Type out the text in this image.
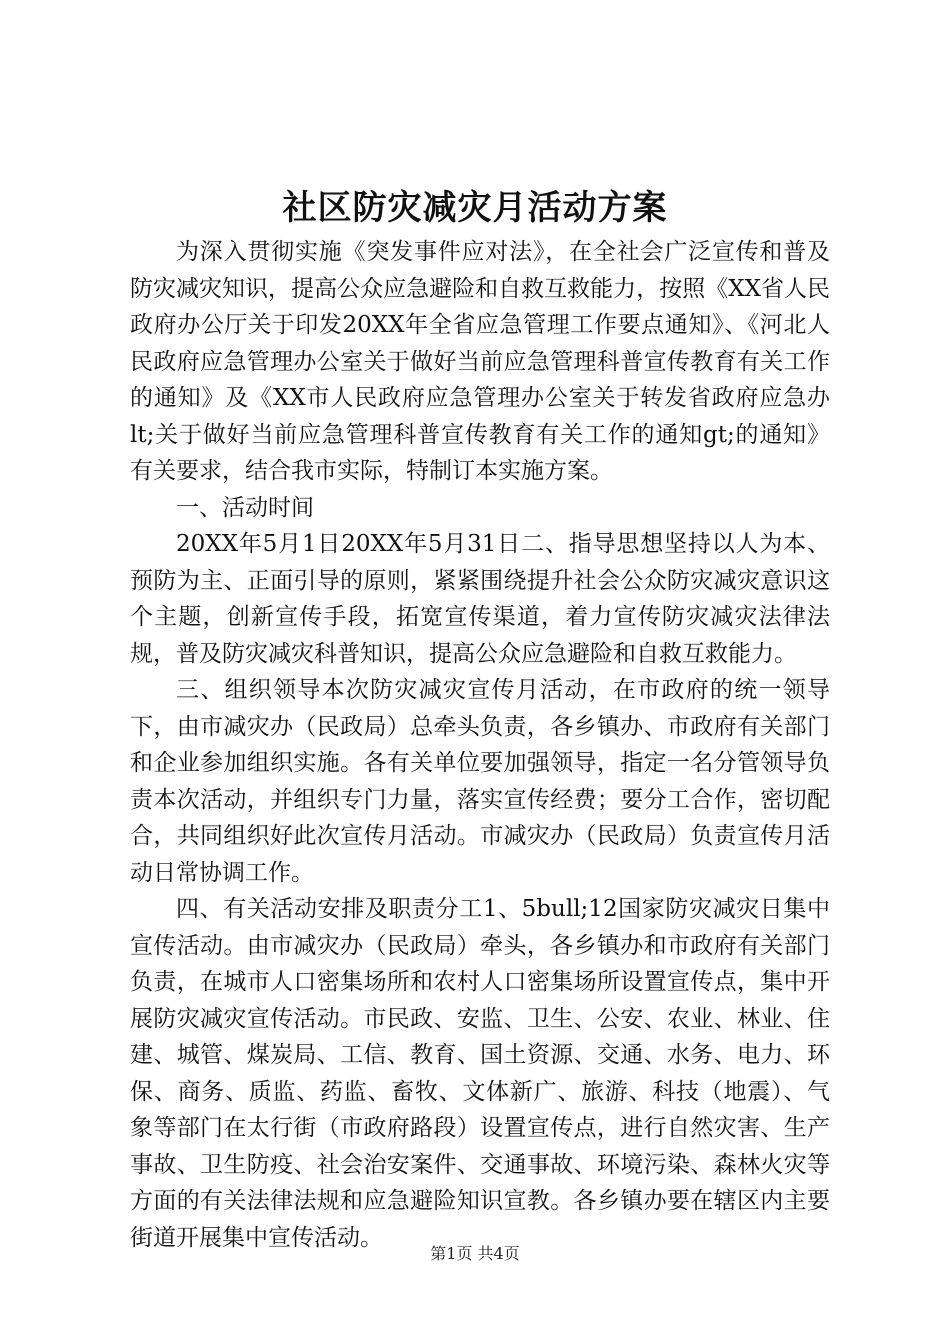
社区防灾减灾月活动方案

为深入贯彻实施《突发事件应对法》，在全社会广泛宣传和普及防灾减灾知识，提高公众应急避险和自救互救能力，按照《XX省人民政府办公厅关于印发20XX年全省应急管理工作要点通知》、《河北人民政府应急管理办公室关于做好当前应急管理科普宣传教育有关工作的通知》及《XX市人民政府应急管理办公室关于转发省政府应急办lt;关于做好当前应急管理科普宣传教育有关工作的通知gt;的通知》有关要求，结合我市实际，特制订本实施方案。

一、活动时间

20XX年5月1日20XX年5月31日二、指导思想坚持以人为本、预防为主、正面引导的原则，紧紧围绕提升社会公众防灾减灾意识这个主题，创新宣传手段，拓宽宣传渠道，着力宣传防灾减灾法律法规，普及防灾减灾科普知识，提高公众应急避险和自救互救能力。

三、组织领导本次防灾减灾宣传月活动，在市政府的统一领导下，由市减灾办（民政局）总牵头负责，各乡镇办、市政府有关部门和企业参加组织实施。各有关单位要加强领导，指定一名分管领导负责本次活动，并组织专门力量，落实宣传经费；要分工合作，密切配合，共同组织好此次宣传月活动。市减灾办（民政局）负责宣传月活动日常协调工作。

四、有关活动安排及职责分工1、5bull;12国家防灾减灾日集中宣传活动。由市减灾办（民政局）牵头，各乡镇办和市政府有关部门负责，在城市人口密集场所和农村人口密集场所设置宣传点，集中开展防灾减灾宣传活动。市民政、安监、卫生、公安、农业、林业、住建、城管、煤炭局、工信、教育、国土资源、交通、水务、电力、环保、商务、质监、药监、畜牧、文体新广、旅游、科技（地震）、气象等部门在太行街（市政府路段）设置宣传点，进行自然灾害、生产事故、卫生防疫、社会治安案件、交通事故、环境污染、森林火灾等方面的有关法律法规和应急避险知识宣教。各乡镇办要在辖区内主要街道开展集中宣传活动。

第1页 共4页
